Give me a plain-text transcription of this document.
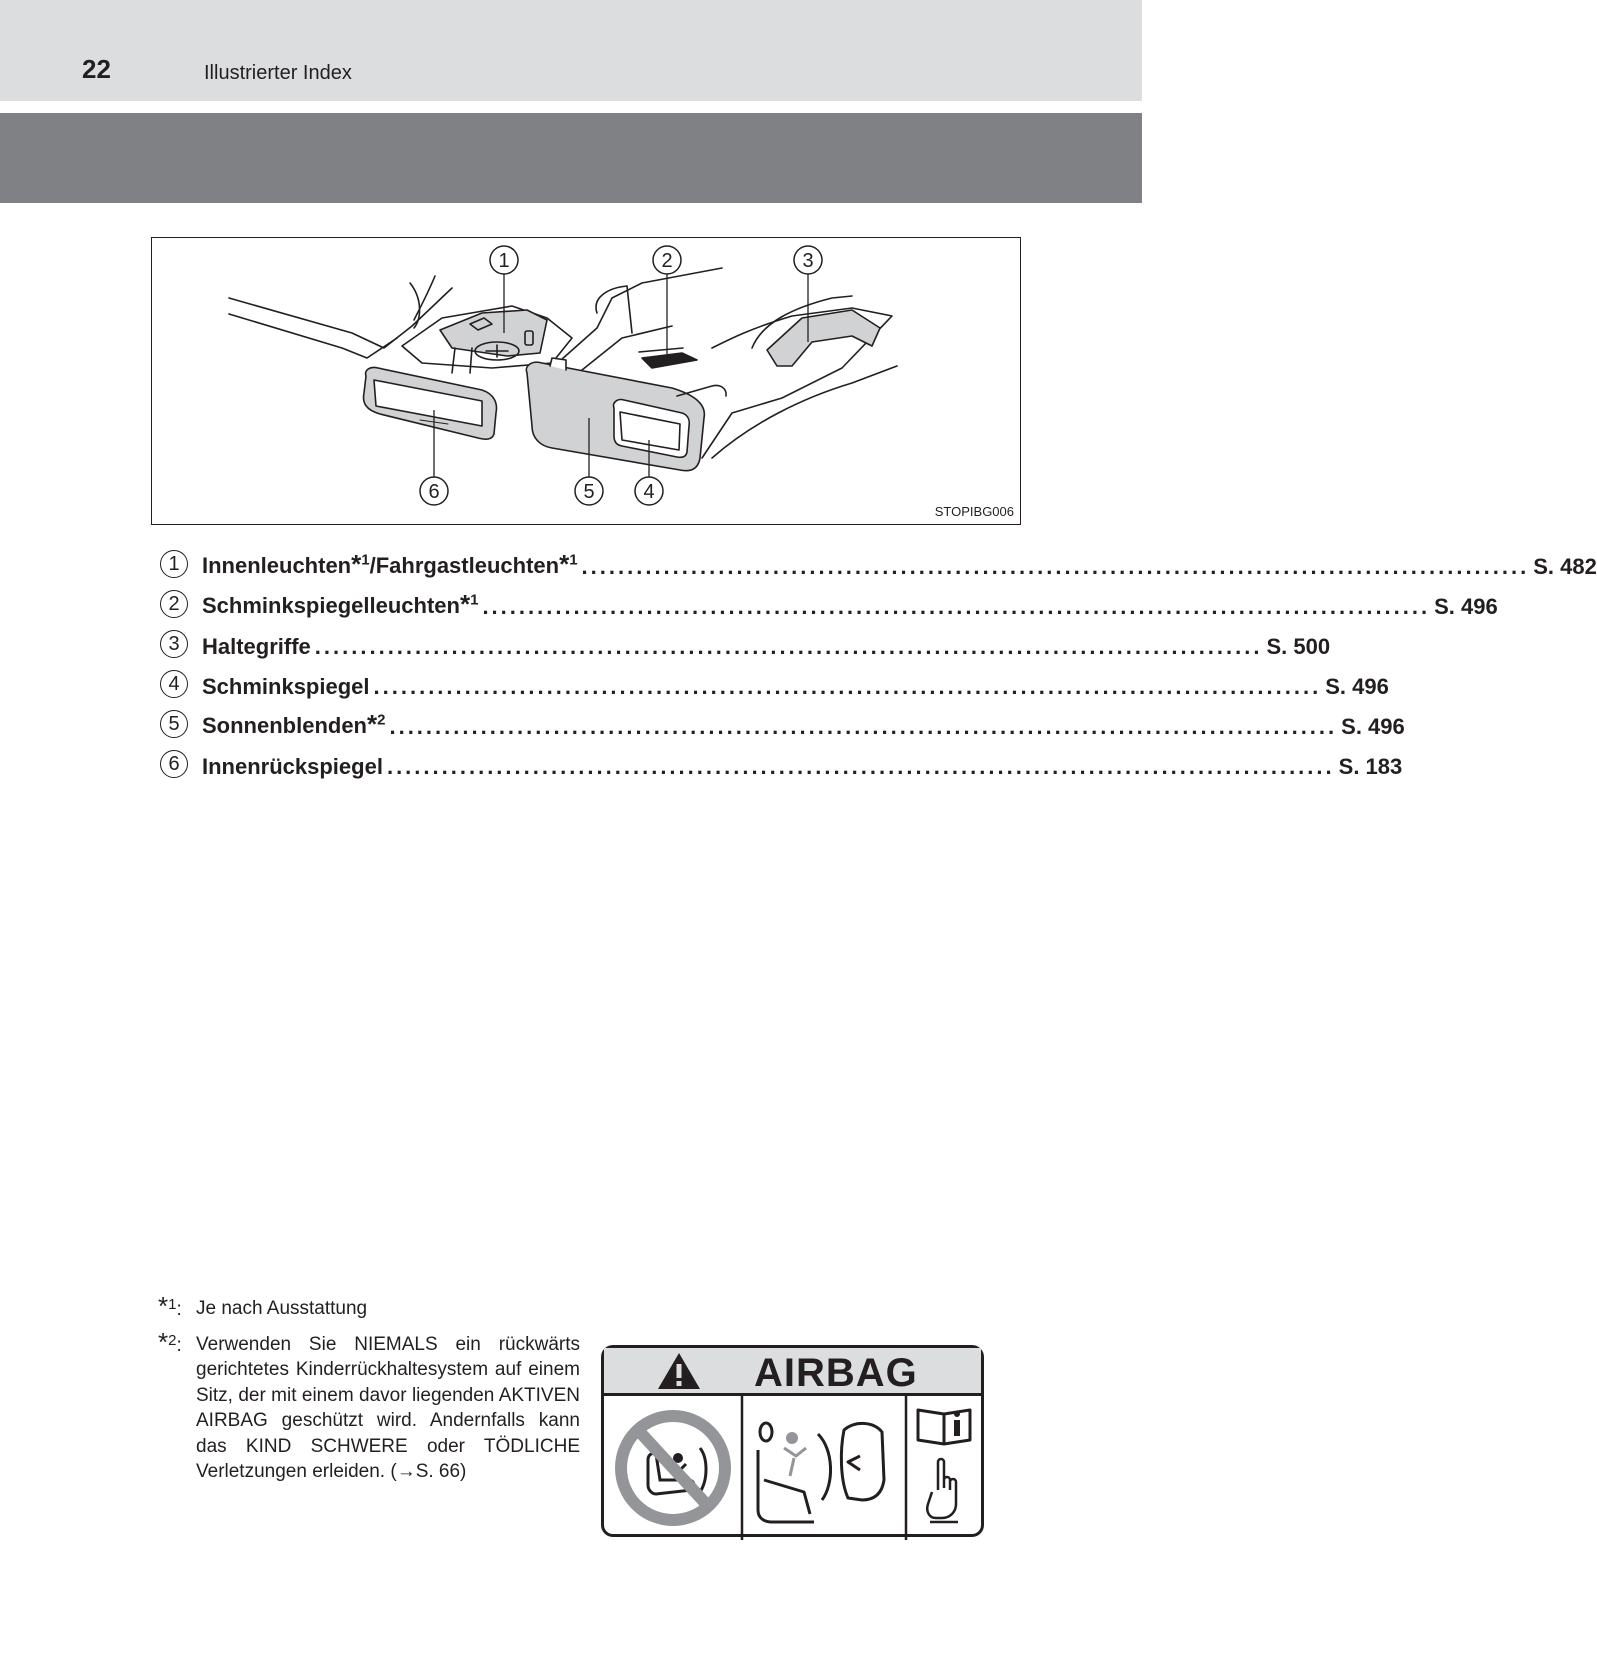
22	Illustrierter Index
1	2	3
4
5
6
STOPIBG006
1	Innenleuchten*$^1$/Fahrgastleuchten*$^1$ ........................................................................................................ S. 482
2	Schminkspiegelleuchten*$^1$ ........................................................................................................ S. 496
3	Haltegriffe ........................................................................................................ S. 500
4	Schminkspiegel ........................................................................................................ S. 496
5	Sonnenblenden*$^2$ ........................................................................................................ S. 496
6	Innenrückspiegel ........................................................................................................ S. 183
$*_1$: Je nach Ausstattung
$*_2$: Verwenden Sie NIEMALS ein rückwärts gerichtetes Kinderrückhaltesystem auf einem Sitz, der mit einem davor liegenden AKTIVEN AIRBAG geschützt wird. Andernfalls kann das KIND SCHWERE oder TÖDLICHE Verletzungen erleiden. (→S. 66)
AIRBAG
